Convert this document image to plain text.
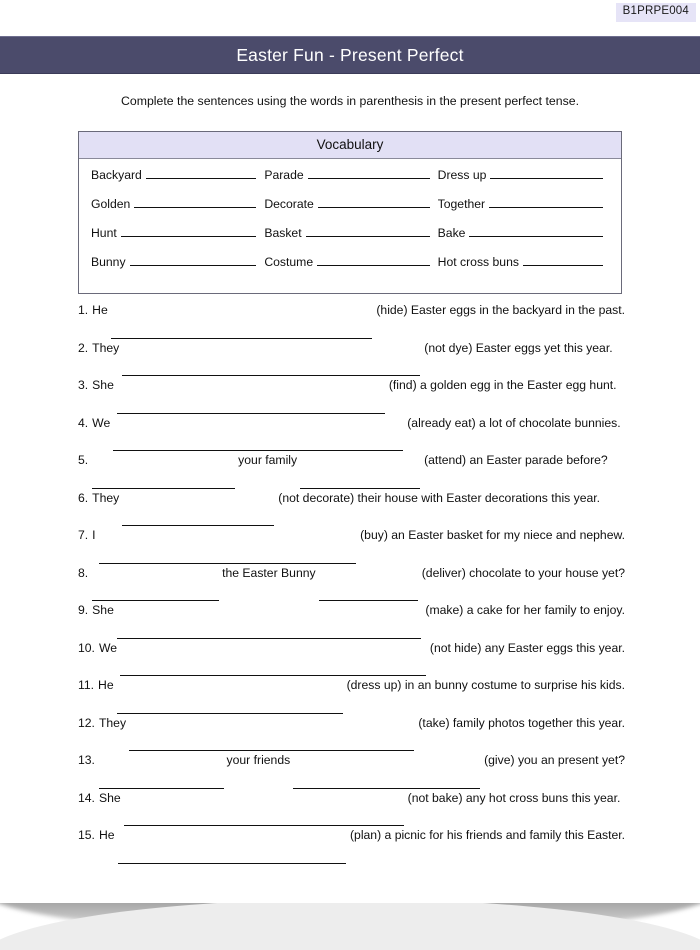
B1PRPE004
Easter Fun - Present Perfect
Complete the sentences using the words in parenthesis in the present perfect tense.
Vocabulary
Backyard	Parade	Dress up
Golden	Decorate	Together
Hunt	Basket	Bake
Bunny	Costume	Hot cross buns
1. He	(hide) Easter eggs in the backyard in the past.
2. They	(not dye) Easter eggs yet this year.
3. She	(find) a golden egg in the Easter egg hunt.
4. We	(already eat) a lot of chocolate bunnies.
5.	your family	(attend) an Easter parade before?
6. They	(not decorate) their house with Easter decorations this year.
7. I	(buy) an Easter basket for my niece and nephew.
8.	the Easter Bunny	(deliver) chocolate to your house yet?
9. She	(make) a cake for her family to enjoy.
10. We	(not hide) any Easter eggs this year.
11. He	(dress up) in an bunny costume to surprise his kids.
12. They	(take) family photos together this year.
13.	your friends	(give) you an present yet?
14. She	(not bake) any hot cross buns this year.
15. He	(plan) a picnic for his friends and family this Easter.
